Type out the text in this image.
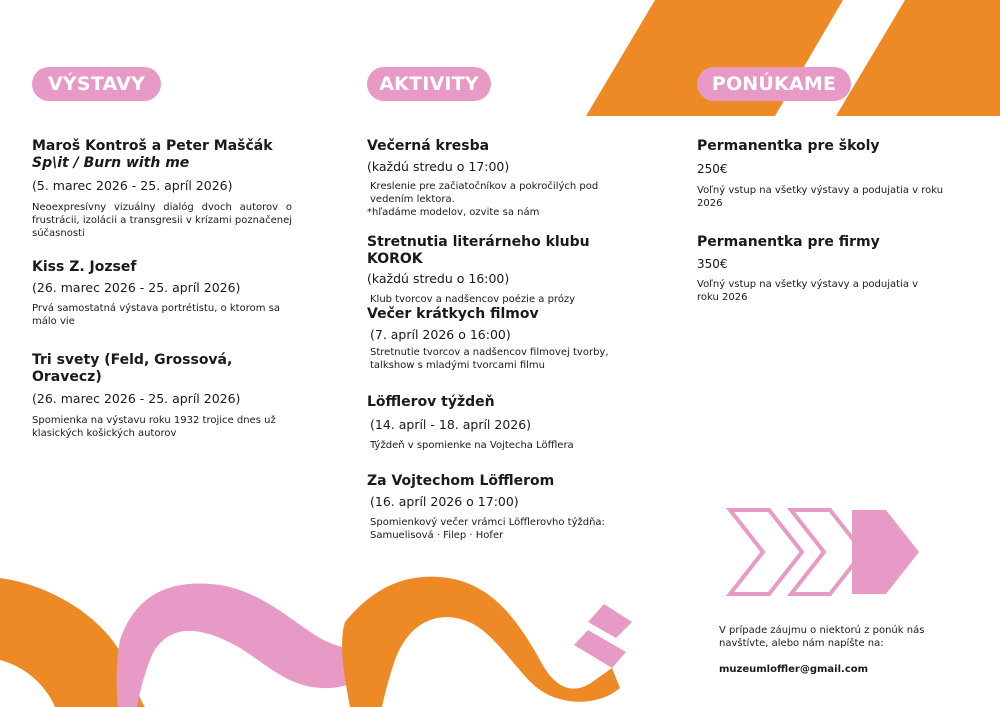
VÝSTAVY

Maroš Kontroš a Peter Maščák

Sp\it / Burn with me

(5. marec 2026 - 25. apríl 2026)

Neoexpresívny vizuálny dialóg dvoch autorov o frustrácii, izolácii a transgresii v krízami poznačenej súčasnosti

Kiss Z. Jozsef

(26. marec 2026 - 25. apríl 2026)

Prvá samostatná výstava portrétistu, o ktorom sa málo vie

Tri svety (Feld, Grossová, Oravecz)

(26. marec 2026 - 25. apríl 2026)

Spomienka na výstavu roku 1932 trojice dnes už klasických košických autorov

AKTIVITY

Večerná kresba

(každú stredu o 17:00)

Kreslenie pre začiatočníkov a pokročilých pod vedením lektora.

*hľadáme modelov, ozvite sa nám

Stretnutia literárneho klubu KOROK

(každú stredu o 16:00)

Klub tvorcov a nadšencov poézie a prózy

Večer krátkych filmov

(7. apríl 2026 o 16:00)

Stretnutie tvorcov a nadšencov filmovej tvorby, talkshow s mladými tvorcami filmu

Löfflerov týždeň

(14. apríl - 18. apríl 2026)

Týždeň v spomienke na Vojtecha Löfflera

Za Vojtechom Löfflerom

(16. apríl 2026 o 17:00)

Spomienkový večer vrámci Löfflerovho týždňa: Samuelisová · Filep · Hofer

PONÚKAME

Permanentka pre školy

250€

Voľný vstup na všetky výstavy a podujatia v roku 2026

Permanentka pre firmy

350€

Voľný vstup na všetky výstavy a podujatia v roku 2026

V prípade záujmu o niektorú z ponúk nás navštívte, alebo nám napíšte na:

muzeumloffler@gmail.com
